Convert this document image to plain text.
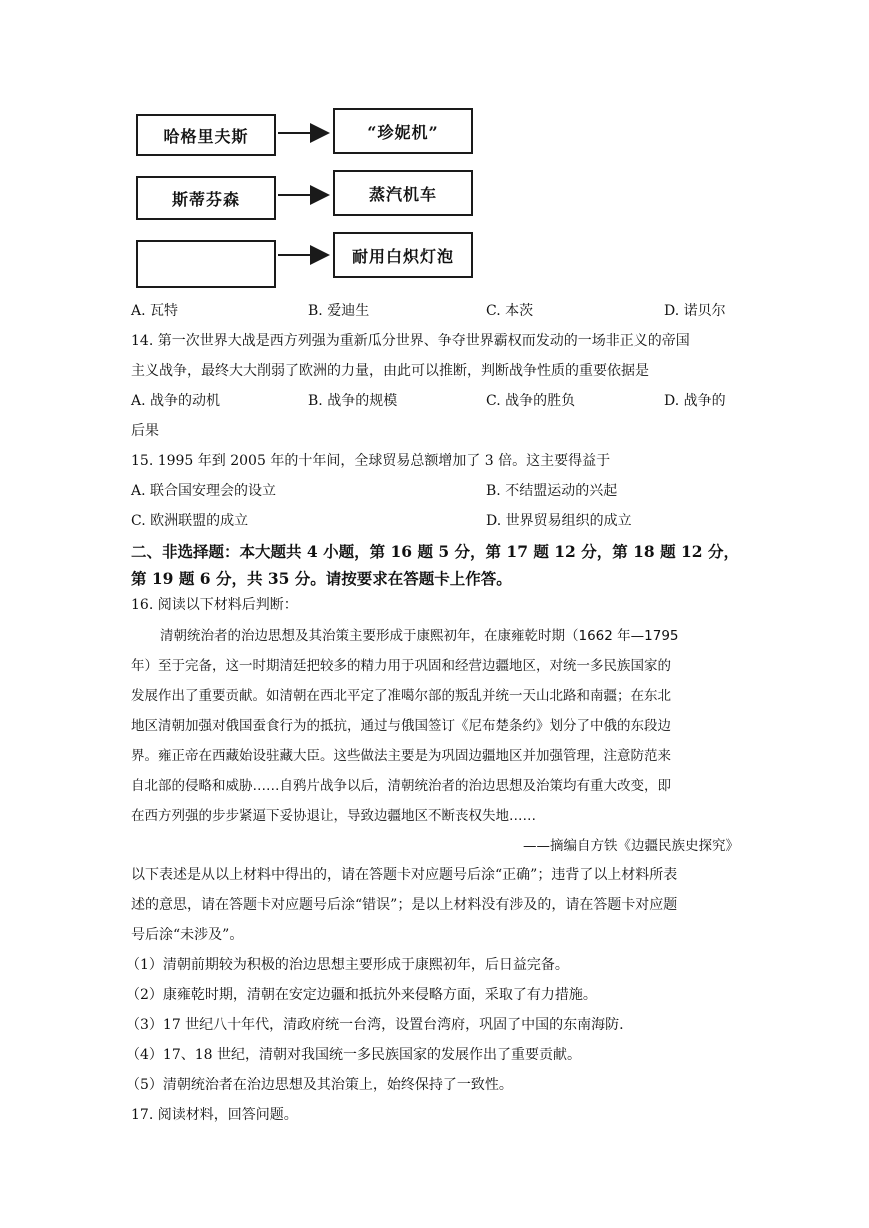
哈格里夫斯	“珍妮机”
斯蒂芬森	蒸汽机车
耐用白炽灯泡
A. 瓦特	B. 爱迪生	C. 本茨	D. 诺贝尔
14. 第一次世界大战是西方列强为重新瓜分世界、争夺世界霸权而发动的一场非正义的帝国
主义战争，最终大大削弱了欧洲的力量，由此可以推断，判断战争性质的重要依据是
A. 战争的动机	B. 战争的规模	C. 战争的胜负	D. 战争的
后果
15. 1995 年到 2005 年的十年间，全球贸易总额增加了 3 倍。这主要得益于
A. 联合国安理会的设立	B. 不结盟运动的兴起
C. 欧洲联盟的成立	D. 世界贸易组织的成立
二、非选择题：本大题共 4 小题，第 16 题 5 分，第 17 题 12 分，第 18 题 12 分，
第 19 题 6 分，共 35 分。请按要求在答题卡上作答。
16. 阅读以下材料后判断：
清朝统治者的治边思想及其治策主要形成于康熙初年，在康雍乾时期（1662 年—1795
年）至于完备，这一时期清廷把较多的精力用于巩固和经营边疆地区，对统一多民族国家的
发展作出了重要贡献。如清朝在西北平定了准噶尔部的叛乱并统一天山北路和南疆；在东北
地区清朝加强对俄国蚕食行为的抵抗，通过与俄国签订《尼布楚条约》划分了中俄的东段边
界。雍正帝在西藏始设驻藏大臣。这些做法主要是为巩固边疆地区并加强管理，注意防范来
自北部的侵略和威胁……自鸦片战争以后，清朝统治者的治边思想及治策均有重大改变，即
在西方列强的步步紧逼下妥协退让，导致边疆地区不断丧权失地……
——摘编自方铁《边疆民族史探究》
以下表述是从以上材料中得出的，请在答题卡对应题号后涂“正确”；违背了以上材料所表
述的意思，请在答题卡对应题号后涂“错误”；是以上材料没有涉及的，请在答题卡对应题
号后涂“未涉及”。
（1）清朝前期较为积极的治边思想主要形成于康熙初年，后日益完备。
（2）康雍乾时期，清朝在安定边疆和抵抗外来侵略方面，采取了有力措施。
（3）17 世纪八十年代，清政府统一台湾，设置台湾府，巩固了中国的东南海防.
（4）17、18 世纪，清朝对我国统一多民族国家的发展作出了重要贡献。
（5）清朝统治者在治边思想及其治策上，始终保持了一致性。
17. 阅读材料，回答问题。
